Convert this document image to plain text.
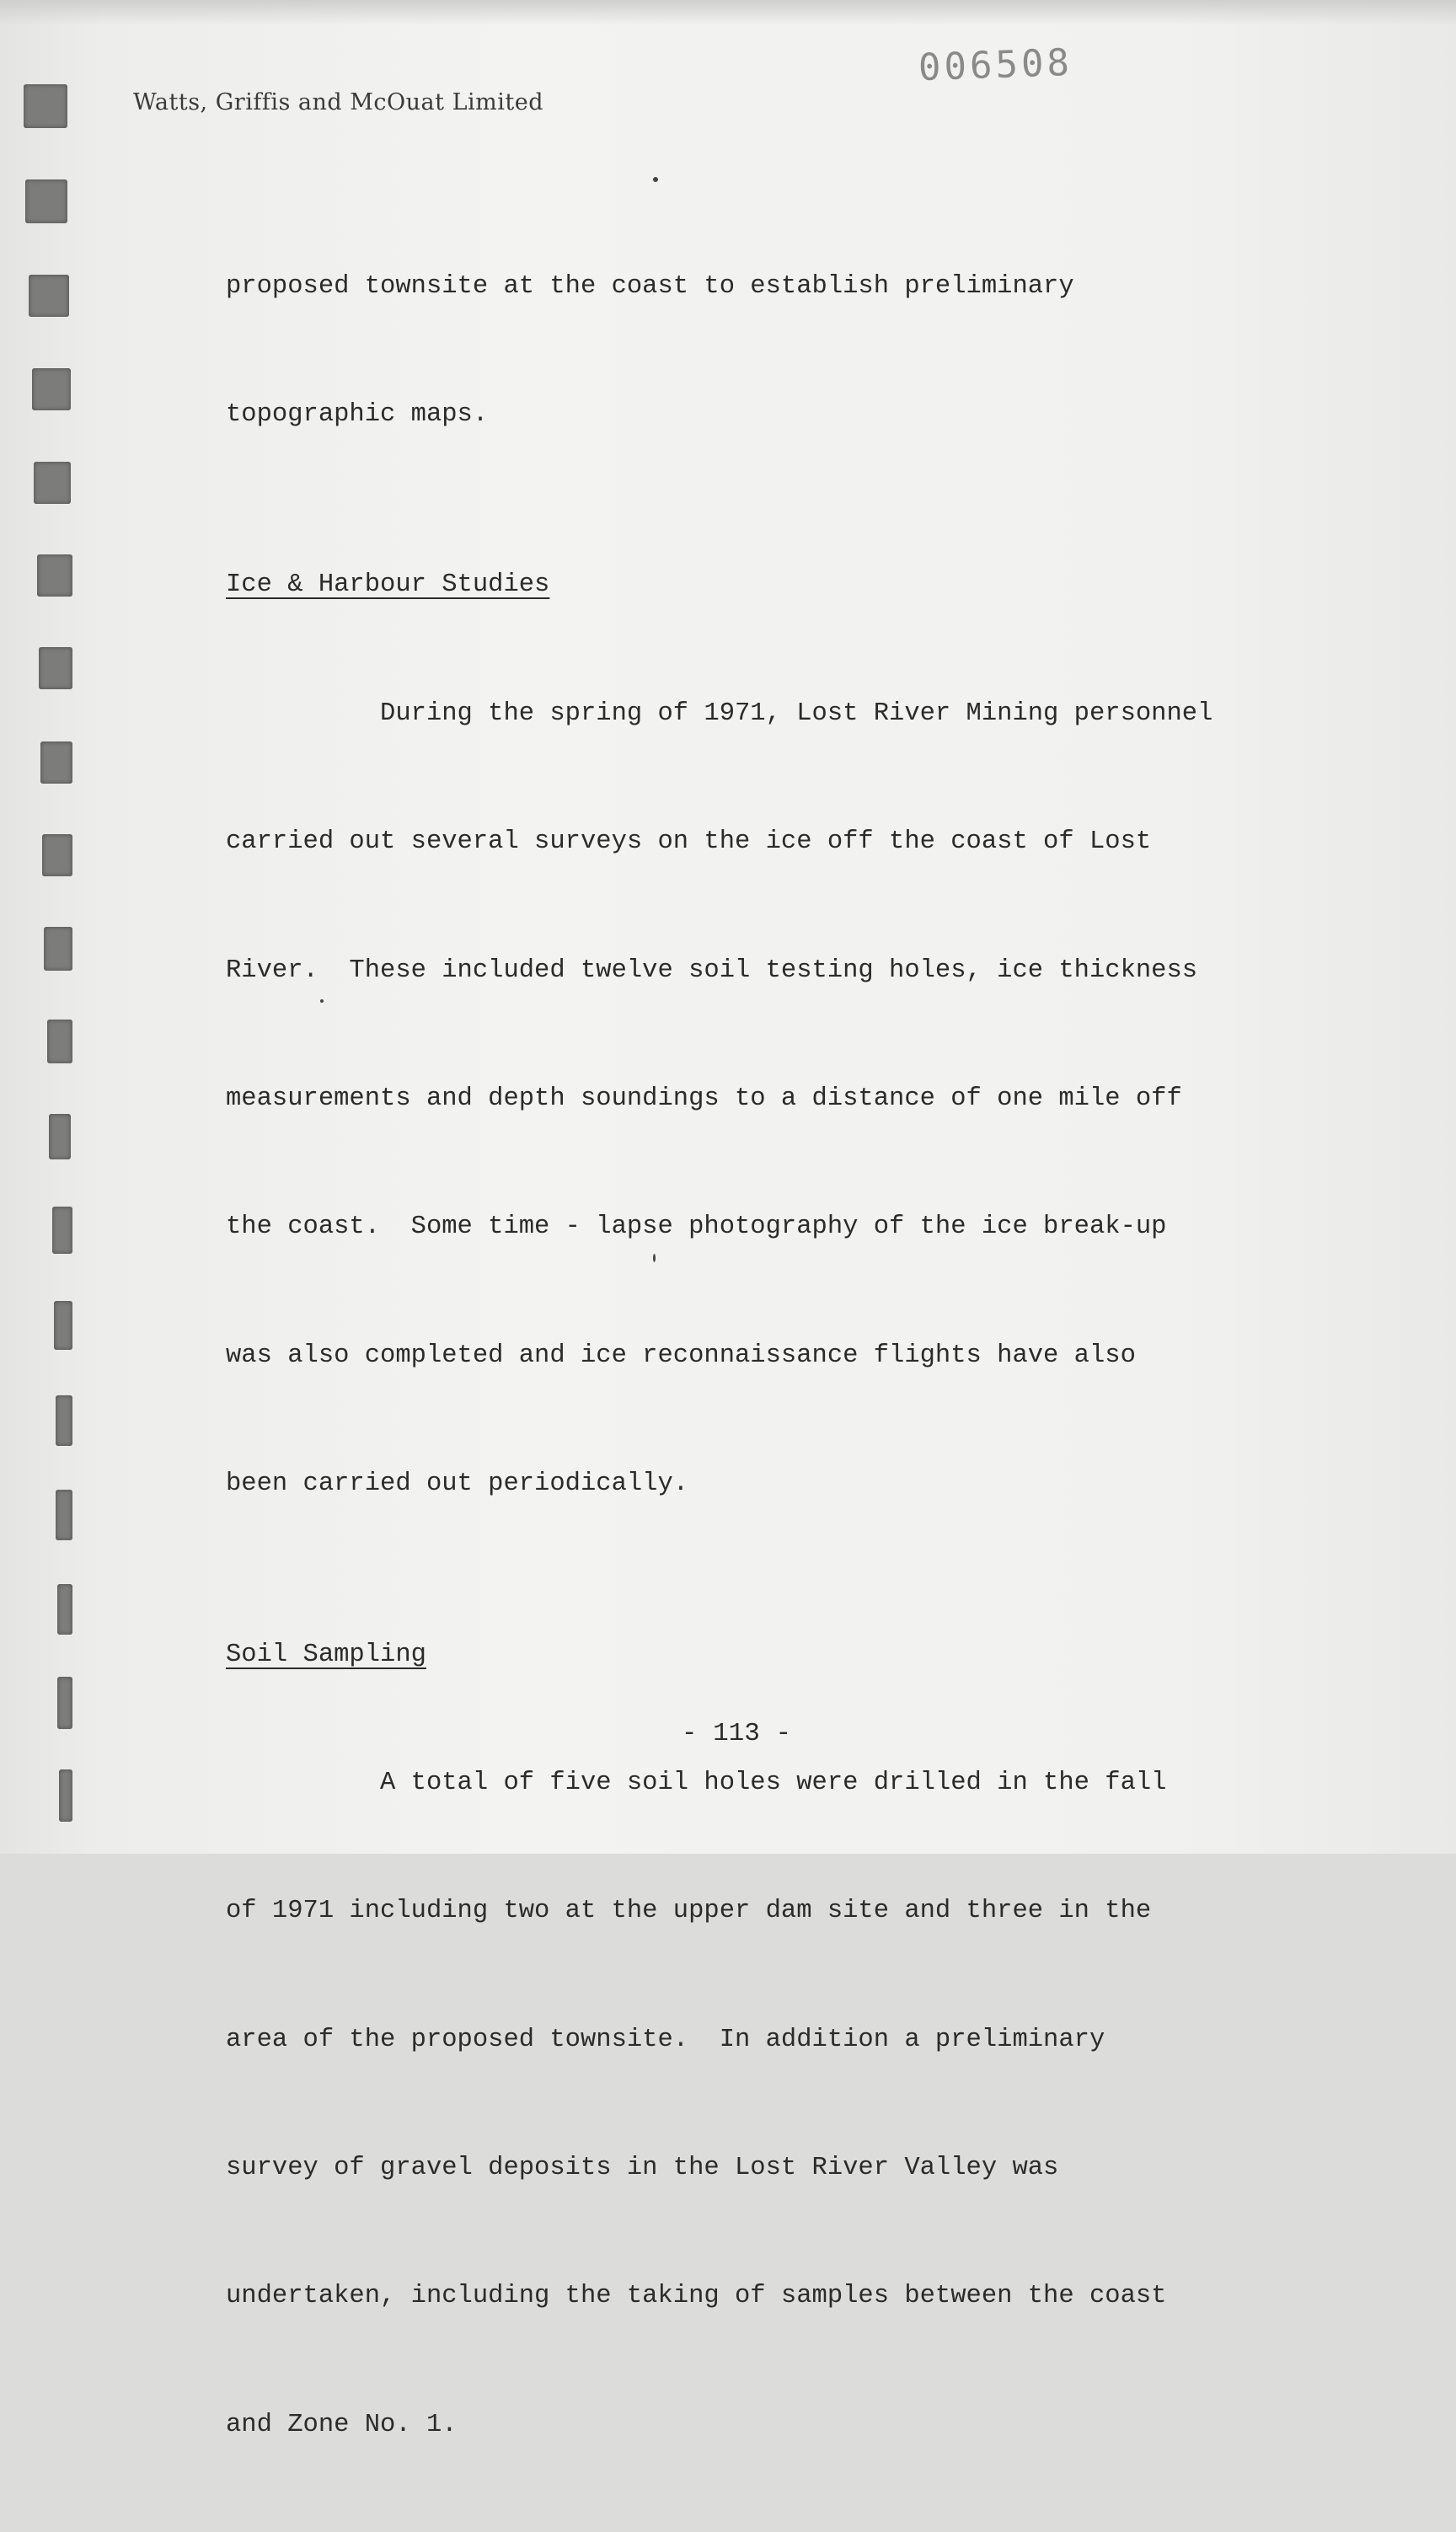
Watts, Griffis and McOuat Limited
006508

proposed townsite at the coast to establish preliminary

topographic maps.

Ice & Harbour Studies

During the spring of 1971, Lost River Mining personnel

carried out several surveys on the ice off the coast of Lost

River.  These included twelve soil testing holes, ice thickness

measurements and depth soundings to a distance of one mile off

the coast.  Some time - lapse photography of the ice break-up

was also completed and ice reconnaissance flights have also

been carried out periodically.

Soil Sampling

A total of five soil holes were drilled in the fall

of 1971 including two at the upper dam site and three in the

area of the proposed townsite.  In addition a preliminary

survey of gravel deposits in the Lost River Valley was

undertaken, including the taking of samples between the coast

and Zone No. 1.

- 113 -
